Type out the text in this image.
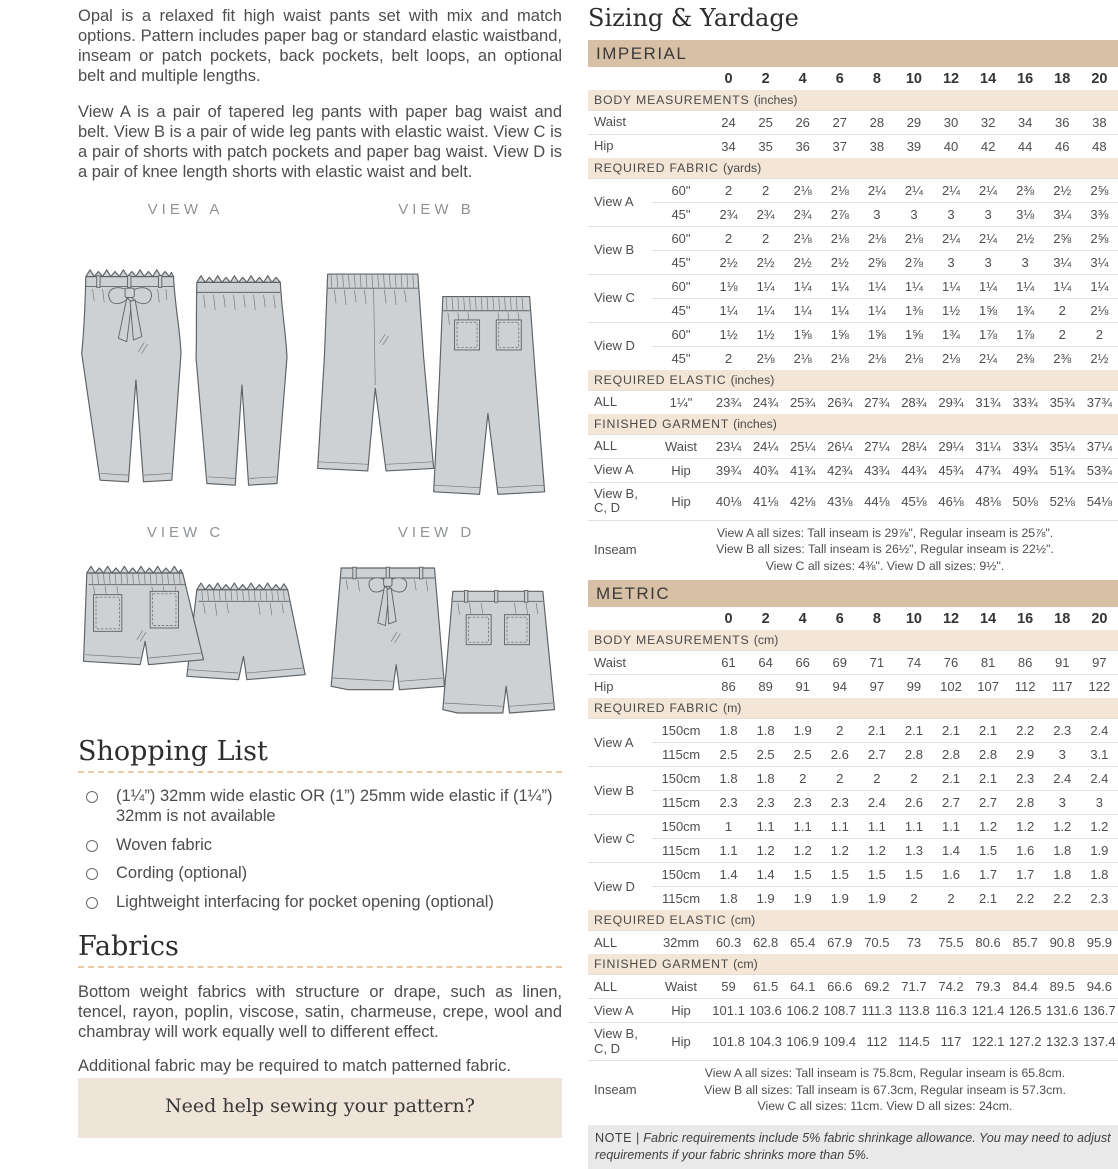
Opal is a relaxed fit high waist pants set with mix and match options. Pattern includes paper bag or standard elastic waistband, inseam or patch pockets, back pockets, belt loops, an optional belt and multiple lengths.

View A is a pair of tapered leg pants with paper bag waist and belt. View B is a pair of wide leg pants with elastic waist. View C is a pair of shorts with patch pockets and paper bag waist. View D is a pair of knee length shorts with elastic waist and belt.

VIEW A	VIEW B
VIEW C	VIEW D
Shopping List
(1¼”) 32mm wide elastic OR (1”) 25mm wide elastic if (1¼”) 32mm is not available
Woven fabric
Cording (optional)
Lightweight interfacing for pocket opening (optional)
Fabrics

Bottom weight fabrics with structure or drape, such as linen, tencel, rayon, poplin, viscose, satin, charmeuse, crepe, wool and chambray will work equally well to different effect.

Additional fabric may be required to match patterned fabric.

Need help sewing your pattern?
Sizing & Yardage
IMPERIAL
		0	2	4	6	8	10	12	14	16	18	20
BODY MEASUREMENTS (inches)												
Waist		24	25	26	27	28	29	30	32	34	36	38
Hip		34	35	36	37	38	39	40	42	44	46	48
REQUIRED FABRIC (yards)												
View A	60"	2	2	2⅛	2⅛	2¼	2¼	2¼	2¼	2⅜	2½	2⅝
	45"	2¾	2¾	2¾	2⅞	3	3	3	3	3⅛	3¼	3⅜
View B	60"	2	2	2⅛	2⅛	2⅛	2⅛	2¼	2¼	2½	2⅝	2⅝
	45"	2½	2½	2½	2½	2⅝	2⅞	3	3	3	3¼	3¼
View C	60"	1⅛	1¼	1¼	1¼	1¼	1¼	1¼	1¼	1¼	1¼	1¼
	45"	1¼	1¼	1¼	1¼	1¼	1⅜	1½	1⅝	1¾	2	2⅛
View D	60"	1½	1½	1⅝	1⅝	1⅝	1⅝	1¾	1⅞	1⅞	2	2
	45"	2	2⅛	2⅛	2⅛	2⅛	2⅛	2⅛	2¼	2⅜	2⅜	2½
REQUIRED ELASTIC (inches)												
ALL	1¼"	23¾	24¾	25¾	26¾	27¾	28¾	29¾	31¾	33¾	35¾	37¾
FINISHED GARMENT (inches)												
ALL	Waist	23¼	24¼	25¼	26¼	27¼	28¼	29¼	31¼	33¼	35¼	37¼
View A	Hip	39¾	40¾	41¾	42¾	43¾	44¾	45¾	47¾	49¾	51¾	53¾
View B, C, D	Hip	40⅛	41⅛	42⅛	43⅛	44⅛	45⅛	46⅛	48⅛	50⅛	52⅛	54⅛
Inseam	View A all sizes: Tall inseam is 29⅞", Regular inseam is 25⅞".
View B all sizes: Tall inseam is 26½", Regular inseam is 22½".
View C all sizes: 4⅜". View D all sizes: 9½".											
METRIC
		0	2	4	6	8	10	12	14	16	18	20
BODY MEASUREMENTS (cm)												
Waist		61	64	66	69	71	74	76	81	86	91	97
Hip		86	89	91	94	97	99	102	107	112	117	122
REQUIRED FABRIC (m)												
View A	150cm	1.8	1.8	1.9	2	2.1	2.1	2.1	2.1	2.2	2.3	2.4
	115cm	2.5	2.5	2.5	2.6	2.7	2.8	2.8	2.8	2.9	3	3.1
View B	150cm	1.8	1.8	2	2	2	2	2.1	2.1	2.3	2.4	2.4
	115cm	2.3	2.3	2.3	2.3	2.4	2.6	2.7	2.7	2.8	3	3
View C	150cm	1	1.1	1.1	1.1	1.1	1.1	1.1	1.2	1.2	1.2	1.2
	115cm	1.1	1.2	1.2	1.2	1.2	1.3	1.4	1.5	1.6	1.8	1.9
View D	150cm	1.4	1.4	1.5	1.5	1.5	1.5	1.6	1.7	1.7	1.8	1.8
	115cm	1.8	1.9	1.9	1.9	1.9	2	2	2.1	2.2	2.2	2.3
REQUIRED ELASTIC (cm)												
ALL	32mm	60.3	62.8	65.4	67.9	70.5	73	75.5	80.6	85.7	90.8	95.9
FINISHED GARMENT (cm)												
ALL	Waist	59	61.5	64.1	66.6	69.2	71.7	74.2	79.3	84.4	89.5	94.6
View A	Hip	101.1	103.6	106.2	108.7	111.3	113.8	116.3	121.4	126.5	131.6	136.7
View B, C, D	Hip	101.8	104.3	106.9	109.4	112	114.5	117	122.1	127.2	132.3	137.4
Inseam	View A all sizes: Tall inseam is 75.8cm, Regular inseam is 65.8cm.
View B all sizes: Tall inseam is 67.3cm, Regular inseam is 57.3cm.
View C all sizes: 11cm. View D all sizes: 24cm.											
NOTE | Fabric requirements include 5% fabric shrinkage allowance. You may need to adjust requirements if your fabric shrinks more than 5%.
